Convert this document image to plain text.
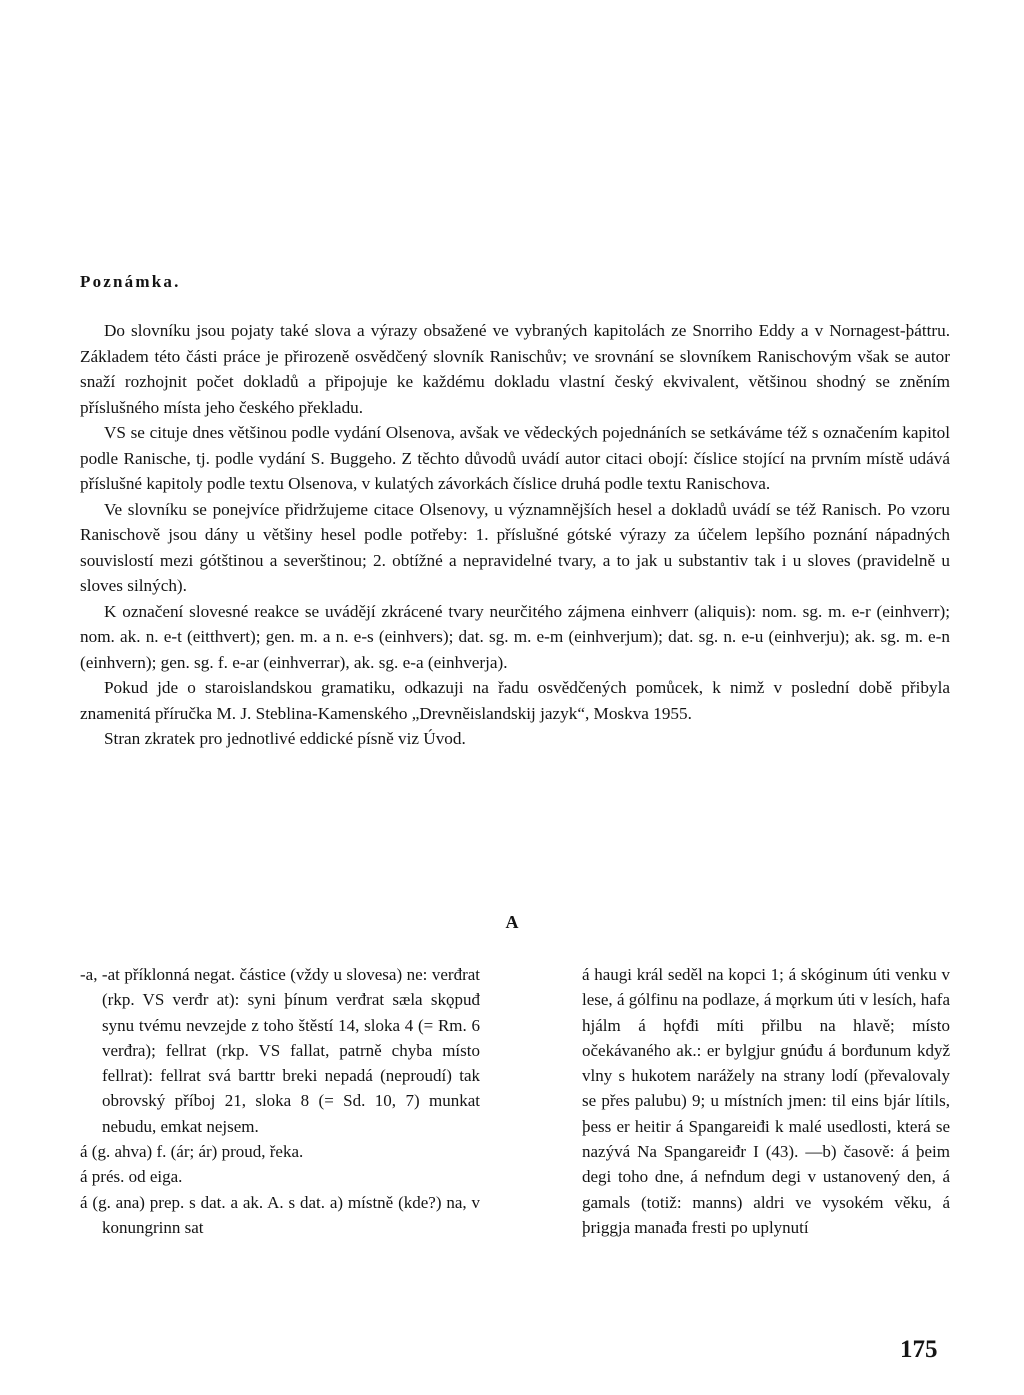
Poznámka.

Do slovníku jsou pojaty také slova a výrazy obsažené ve vybraných kapitolách ze Snorriho Eddy a v Nornagest-þáttru. Základem této části práce je přirozeně osvědčený slovník Ranischův; ve srovnání se slovníkem Ranischovým však se autor snaží rozhojnit počet dokladů a připojuje ke každému dokladu vlastní český ekvivalent, většinou shodný se zněním příslušného místa jeho českého překladu.

VS se cituje dnes většinou podle vydání Olsenova, avšak ve vědeckých pojednáních se setkáváme též s označením kapitol podle Ranische, tj. podle vydání S. Buggeho. Z těchto důvodů uvádí autor citaci obojí: číslice stojící na prvním místě udává příslušné kapitoly podle textu Olsenova, v kulatých závorkách číslice druhá podle textu Ranischova.

Ve slovníku se ponejvíce přidržujeme citace Olsenovy, u významnějších hesel a dokladů uvádí se též Ranisch. Po vzoru Ranischově jsou dány u většiny hesel podle potřeby: 1. příslušné gótské výrazy za účelem lepšího poznání nápadných souvislostí mezi gótštinou a severštinou; 2. obtížné a nepravidelné tvary, a to jak u substantiv tak i u sloves (pravidelně u sloves silných).

K označení slovesné reakce se uvádějí zkrácené tvary neurčitého zájmena einhverr (aliquis): nom. sg. m. e-r (einhverr); nom. ak. n. e-t (eitthvert); gen. m. a n. e-s (einhvers); dat. sg. m. e-m (einhverjum); dat. sg. n. e-u (einhverju); ak. sg. m. e-n (einhvern); gen. sg. f. e-ar (einhverrar), ak. sg. e-a (einhverja).

Pokud jde o staroislandskou gramatiku, odkazuji na řadu osvědčených pomůcek, k nimž v poslední době přibyla znamenitá příručka M. J. Steblina-Kamenského „Drevněislandskij jazyk“, Moskva 1955.

Stran zkratek pro jednotlivé eddické písně viz Úvod.

A

-a, -at příklonná negat. částice (vždy u slovesa) ne: verđrat (rkp. VS verđr at): syni þínum verđrat sæla skǫpuđ synu tvému nevzejde z toho štěstí 14, sloka 4 (= Rm. 6 verđra); fellrat (rkp. VS fallat, patrně chyba místo fellrat): fellrat svá barttr breki nepadá (neproudí) tak obrovský příboj 21, sloka 8 (= Sd. 10, 7) munkat nebudu, emkat nejsem.

á (g. ahva) f. (ár; ár) proud, řeka.

á prés. od eiga.

á (g. ana) prep. s dat. a ak. A. s dat. a) místně (kde?) na, v konungrinn sat

á haugi král seděl na kopci 1; á skóginum úti venku v lese, á gólfinu na podlaze, á mǫrkum úti v lesích, hafa hjálm á hǫfđi míti přilbu na hlavě; místo očekávaného ak.: er bylgjur gnúđu á borđunum když vlny s hukotem narážely na strany lodí (převalovaly se přes palubu) 9; u místních jmen: til eins bjár lítils, þess er heitir á Spangareiđi k malé usedlosti, která se nazývá Na Spangareiđr I (43). —b) časově: á þeim degi toho dne, á nefndum degi v ustanovený den, á gamals (totiž: manns) aldri ve vysokém věku, á þriggja manađa fresti po uplynutí

175
